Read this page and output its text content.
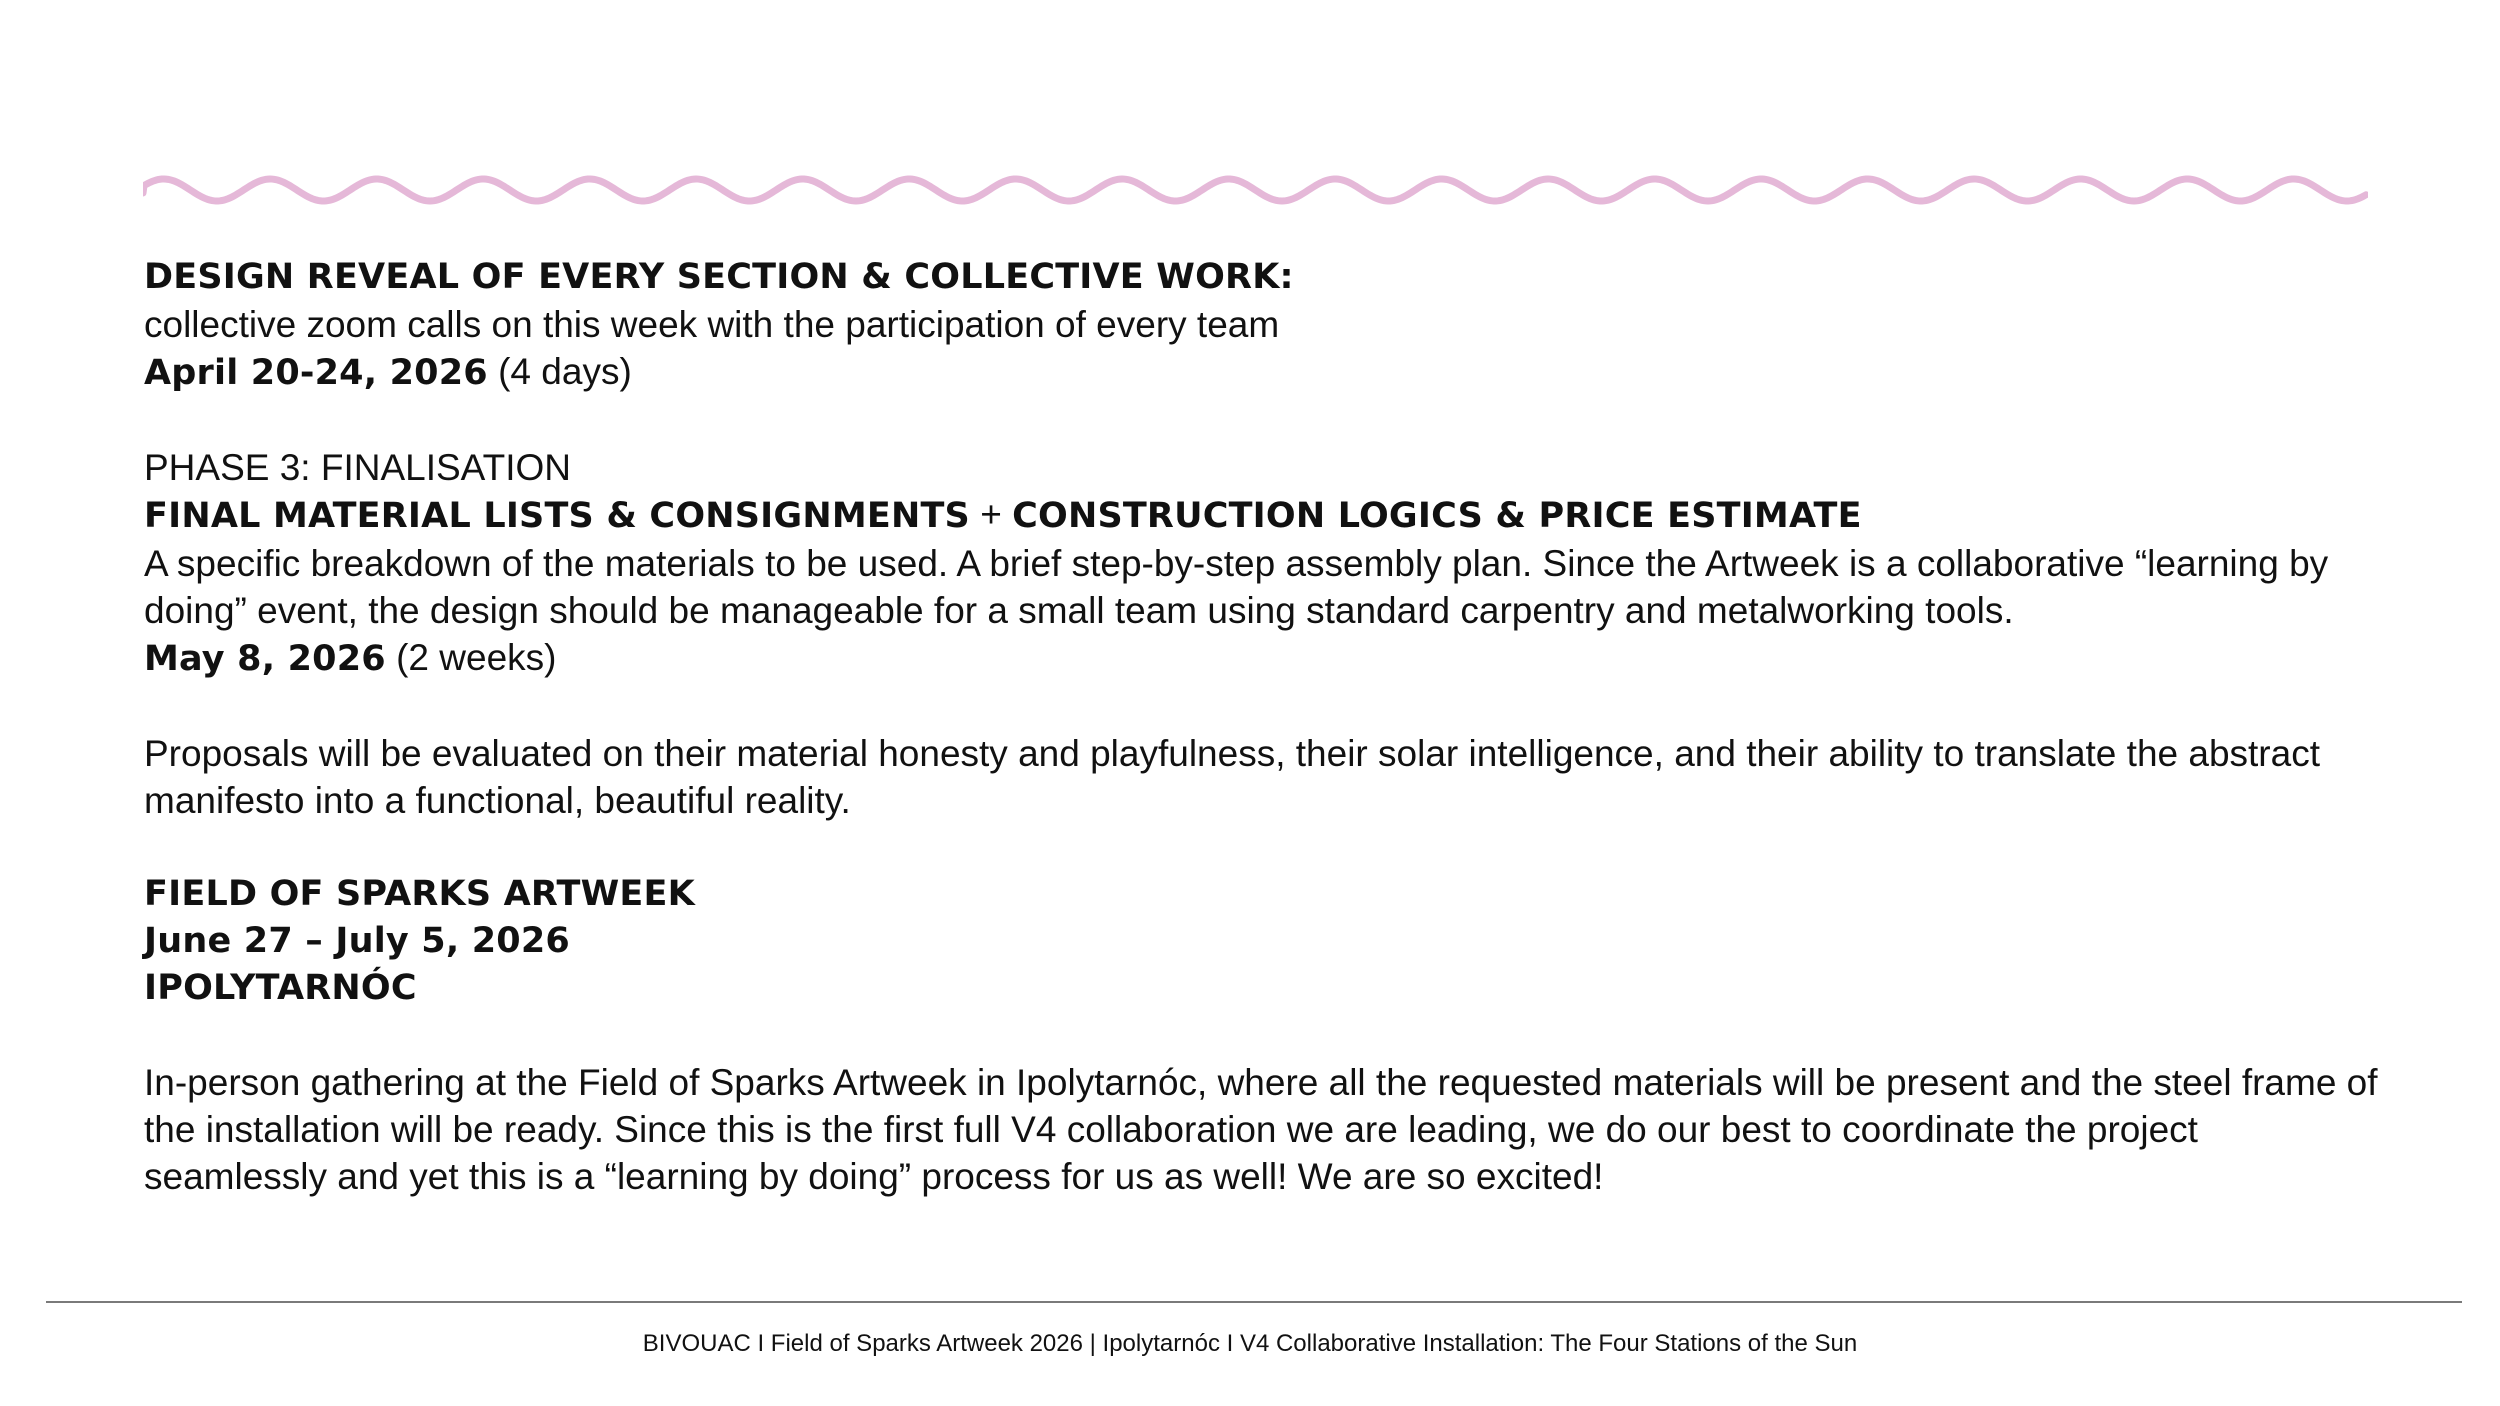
DESIGN REVEAL OF EVERY SECTION & COLLECTIVE WORK:

collective zoom calls on this week with the participation of every team

April 20-24, 2026 (4 days)

PHASE 3: FINALISATION

FINAL MATERIAL LISTS & CONSIGNMENTS + CONSTRUCTION LOGICS & PRICE ESTIMATE

A specific breakdown of the materials to be used. A brief step-by-step assembly plan. Since the Artweek is a collaborative “learning by doing” event, the design should be manageable for a small team using standard carpentry and metalworking tools.

May 8, 2026 (2 weeks)

Proposals will be evaluated on their material honesty and playfulness, their solar intelligence, and their ability to translate the abstract manifesto into a functional, beautiful reality.

FIELD OF SPARKS ARTWEEK

June 27 – July 5, 2026

IPOLYTARNÓC

In-person gathering at the Field of Sparks Artweek in Ipolytarnóc, where all the requested materials will be present and the steel frame of the installation will be ready. Since this is the first full V4 collaboration we are leading, we do our best to coordinate the project seamlessly and yet this is a “learning by doing” process for us as well! We are so excited!

BIVOUAC I Field of Sparks Artweek 2026 | Ipolytarnóc I V4 Collaborative Installation: The Four Stations of the Sun
